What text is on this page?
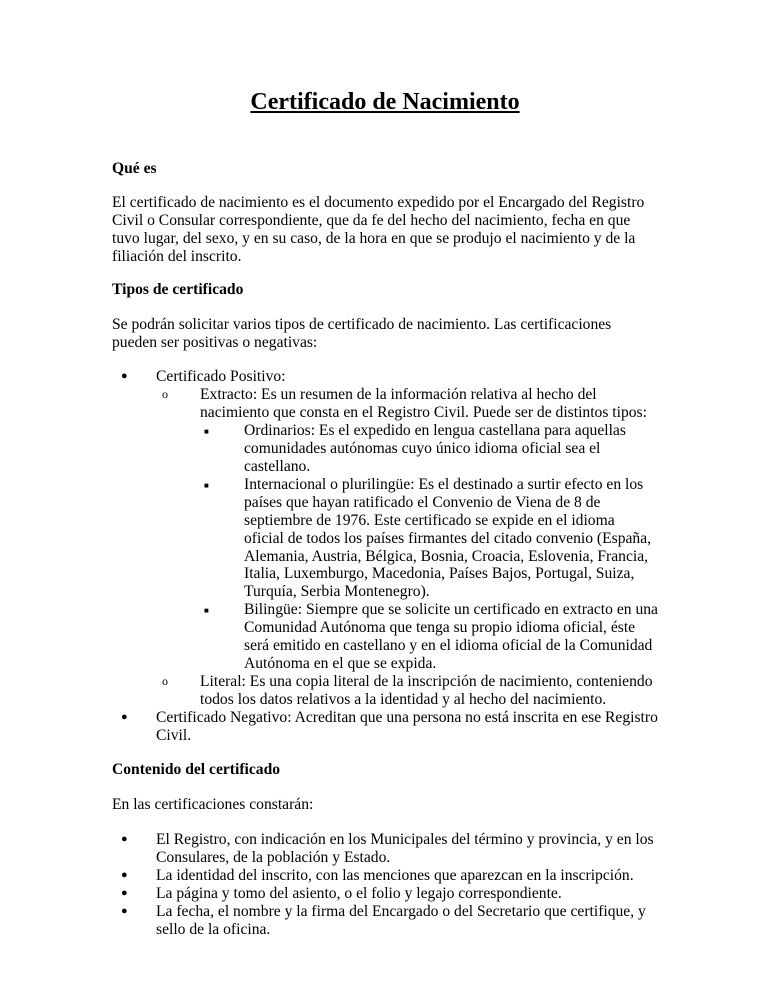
Certificado de Nacimiento
Qué es

El certificado de nacimiento es el documento expedido por el Encargado del Registro Civil o Consular correspondiente, que da fe del hecho del nacimiento, fecha en que tuvo lugar, del sexo, y en su caso, de la hora en que se produjo el nacimiento y de la filiación del inscrito.

Tipos de certificado

Se podrán solicitar varios tipos de certificado de nacimiento. Las certificaciones pueden ser positivas o negativas:

● Certificado Positivo:
o Extracto: Es un resumen de la información relativa al hecho del nacimiento que consta en el Registro Civil. Puede ser de distintos tipos:
■ Ordinarios: Es el expedido en lengua castellana para aquellas comunidades autónomas cuyo único idioma oficial sea el castellano.
■ Internacional o plurilingüe: Es el destinado a surtir efecto en los países que hayan ratificado el Convenio de Viena de 8 de septiembre de 1976. Este certificado se expide en el idioma oficial de todos los países firmantes del citado convenio (España, Alemania, Austria, Bélgica, Bosnia, Croacia, Eslovenia, Francia, Italia, Luxemburgo, Macedonia, Países Bajos, Portugal, Suiza, Turquía, Serbia Montenegro).
■ Bilingüe: Siempre que se solicite un certificado en extracto en una Comunidad Autónoma que tenga su propio idioma oficial, éste será emitido en castellano y en el idioma oficial de la Comunidad Autónoma en el que se expida.
o Literal: Es una copia literal de la inscripción de nacimiento, conteniendo todos los datos relativos a la identidad y al hecho del nacimiento.
● Certificado Negativo: Acreditan que una persona no está inscrita en ese Registro Civil.
Contenido del certificado

En las certificaciones constarán:

● El Registro, con indicación en los Municipales del término y provincia, y en los Consulares, de la población y Estado.
● La identidad del inscrito, con las menciones que aparezcan en la inscripción.
● La página y tomo del asiento, o el folio y legajo correspondiente.
● La fecha, el nombre y la firma del Encargado o del Secretario que certifique, y sello de la oficina.
